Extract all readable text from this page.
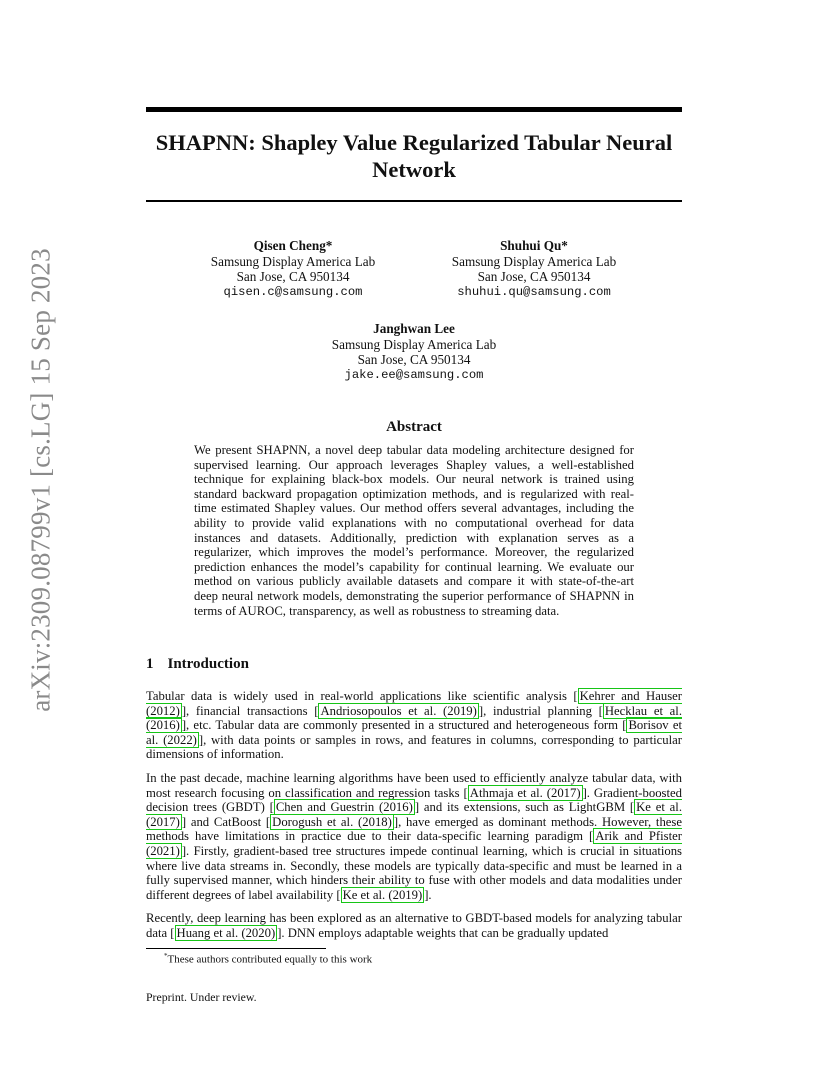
arXiv:2309.08799v1 [cs.LG] 15 Sep 2023
SHAPNN: Shapley Value Regularized Tabular Neural Network
Qisen Cheng*
Samsung Display America Lab
San Jose, CA 950134
qisen.c@samsung.com
Shuhui Qu*
Samsung Display America Lab
San Jose, CA 950134
shuhui.qu@samsung.com
Janghwan Lee
Samsung Display America Lab
San Jose, CA 950134
jake.ee@samsung.com
Abstract
We present SHAPNN, a novel deep tabular data modeling architecture designed for supervised learning. Our approach leverages Shapley values, a well-established technique for explaining black-box models. Our neural network is trained using standard backward propagation optimization methods, and is regularized with real-time estimated Shapley values. Our method offers several advantages, including the ability to provide valid explanations with no computational overhead for data instances and datasets. Additionally, prediction with explanation serves as a regularizer, which improves the model’s performance. Moreover, the regularized prediction enhances the model’s capability for continual learning. We evaluate our method on various publicly available datasets and compare it with state-of-the-art deep neural network models, demonstrating the superior performance of SHAPNN in terms of AUROC, transparency, as well as robustness to streaming data.
1 Introduction

Tabular data is widely used in real-world applications like scientific analysis [ Kehrer and Hauser (2012) ], financial transactions [ Andriosopoulos et al. (2019) ], industrial planning [ Hecklau et al. (2016) ], etc. Tabular data are commonly presented in a structured and heterogeneous form [ Borisov et al. (2022) ], with data points or samples in rows, and features in columns, corresponding to particular dimensions of information.

In the past decade, machine learning algorithms have been used to efficiently analyze tabular data, with most research focusing on classification and regression tasks [ Athmaja et al. (2017) ]. Gradient-boosted decision trees (GBDT) [ Chen and Guestrin (2016) ] and its extensions, such as LightGBM [ Ke et al. (2017) ] and CatBoost [ Dorogush et al. (2018) ], have emerged as dominant methods. However, these methods have limitations in practice due to their data-specific learning paradigm [ Arik and Pfister (2021) ]. Firstly, gradient-based tree structures impede continual learning, which is crucial in situations where live data streams in. Secondly, these models are typically data-specific and must be learned in a fully supervised manner, which hinders their ability to fuse with other models and data modalities under different degrees of label availability [ Ke et al. (2019) ].

Recently, deep learning has been explored as an alternative to GBDT-based models for analyzing tabular data [ Huang et al. (2020) ]. DNN employs adaptable weights that can be gradually updated

*These authors contributed equally to this work
Preprint. Under review.
